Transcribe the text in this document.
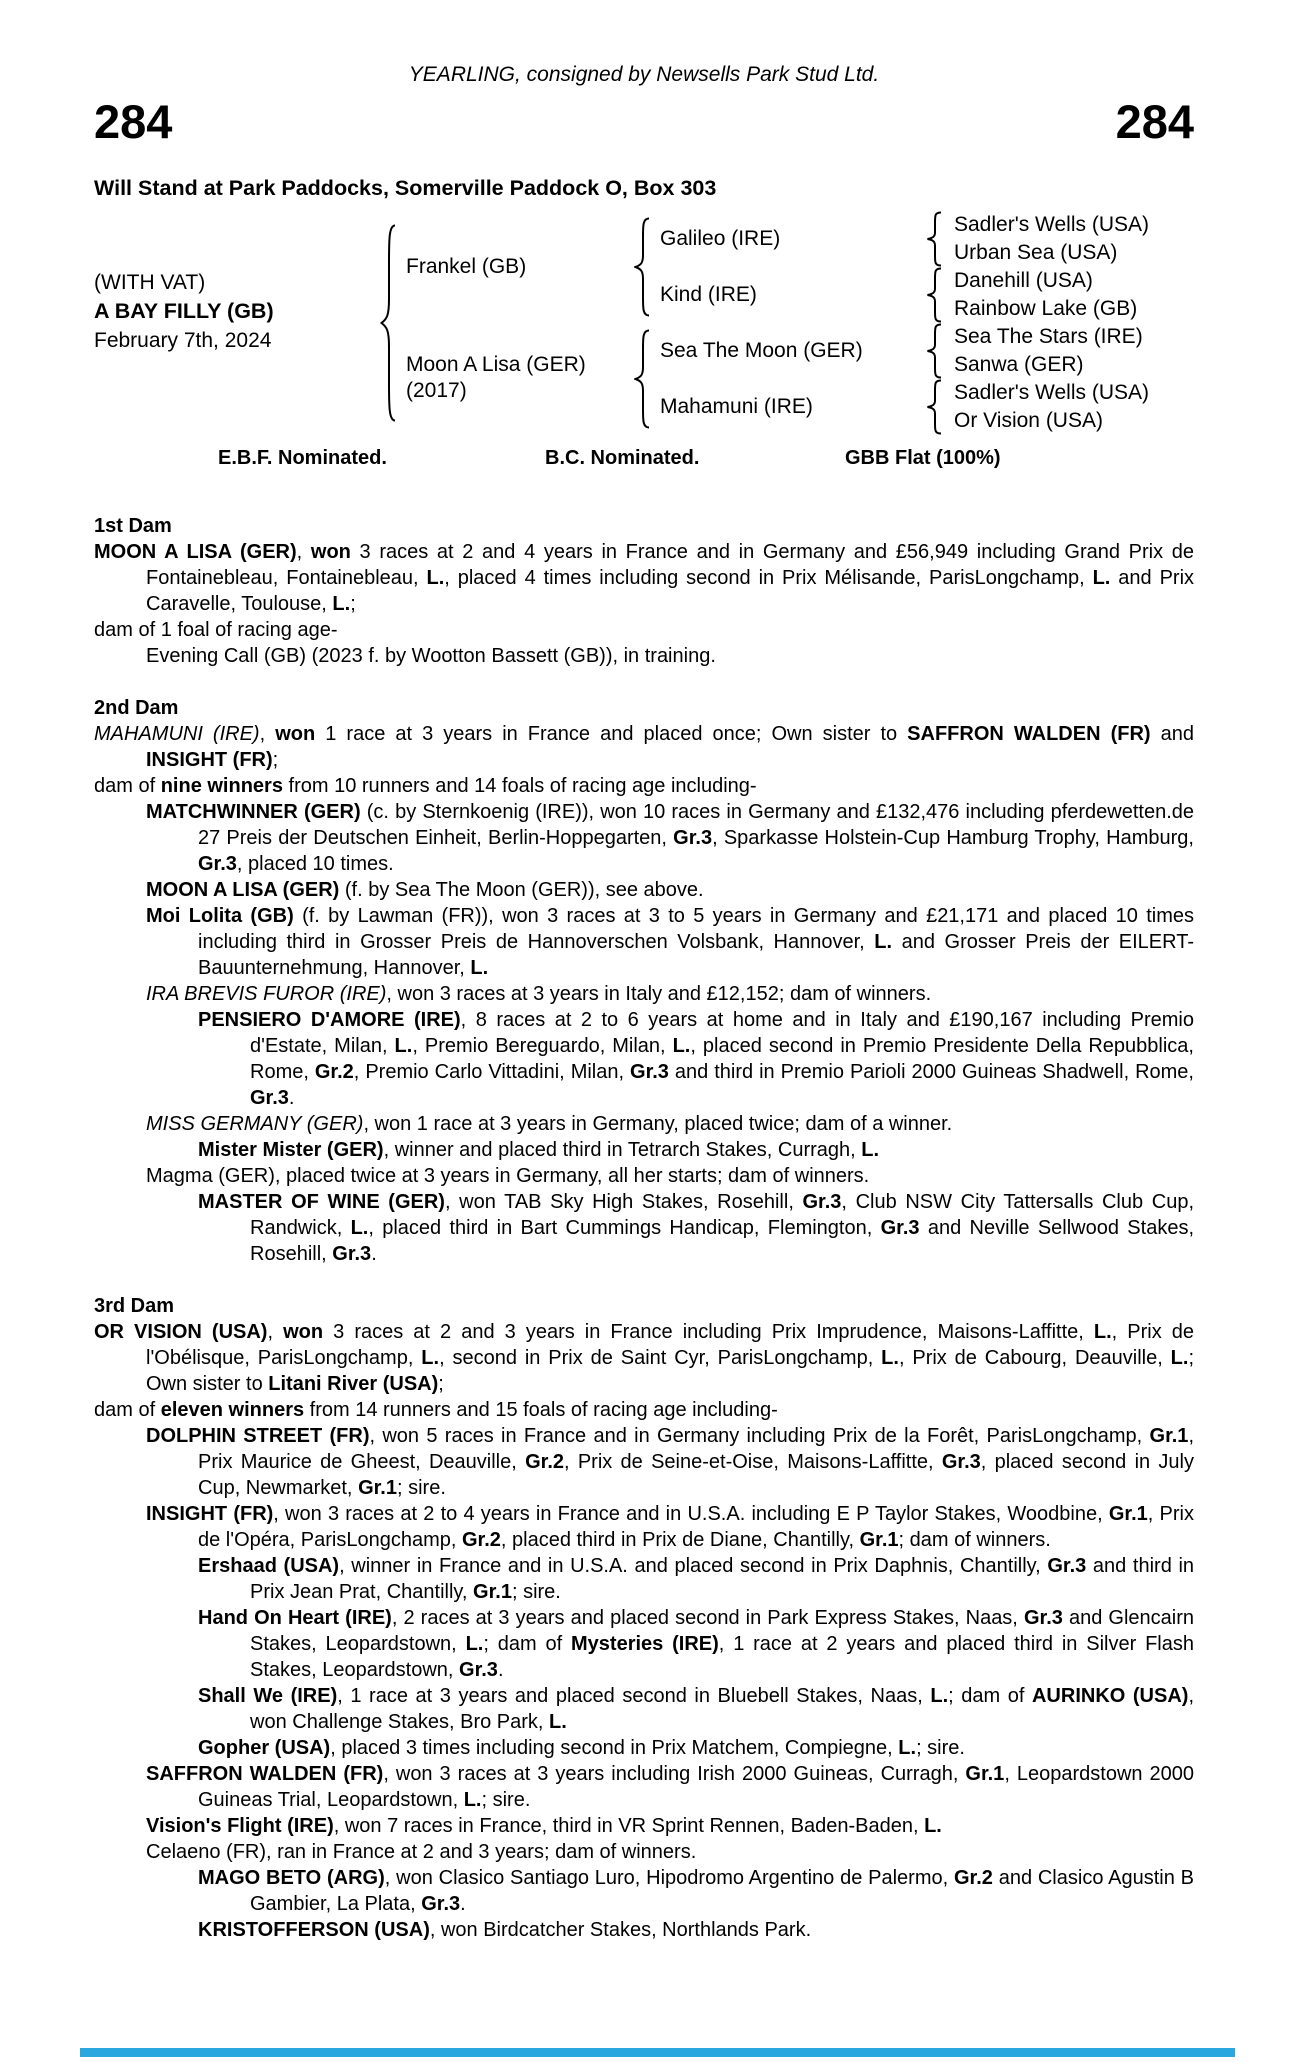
YEARLING, consigned by Newsells Park Stud Ltd.
284	284
Will Stand at Park Paddocks, Somerville Paddock O, Box 303
(WITH VAT)
A BAY FILLY (GB)
February 7th, 2024
Frankel (GB)
Moon A Lisa (GER)
(2017)
Galileo (IRE)
Kind (IRE)
Sea The Moon (GER)
Mahamuni (IRE)
Sadler's Wells (USA)
Urban Sea (USA)
Danehill (USA)
Rainbow Lake (GB)
Sea The Stars (IRE)
Sanwa (GER)
Sadler's Wells (USA)
Or Vision (USA)
E.B.F. Nominated.	B.C. Nominated.	GBB Flat (100%)
1st Dam

MOON A LISA (GER), won 3 races at 2 and 4 years in France and in Germany and £56,949 including Grand Prix de Fontainebleau, Fontainebleau, L., placed 4 times including second in Prix Mélisande, ParisLongchamp, L. and Prix Caravelle, Toulouse, L.;

dam of 1 foal of racing age-

Evening Call (GB) (2023 f. by Wootton Bassett (GB)), in training.

2nd Dam

MAHAMUNI (IRE), won 1 race at 3 years in France and placed once; Own sister to SAFFRON WALDEN (FR) and INSIGHT (FR);

dam of nine winners from 10 runners and 14 foals of racing age including-

MATCHWINNER (GER) (c. by Sternkoenig (IRE)), won 10 races in Germany and £132,476 including pferdewetten.de 27 Preis der Deutschen Einheit, Berlin-Hoppegarten, Gr.3, Sparkasse Holstein-Cup Hamburg Trophy, Hamburg, Gr.3, placed 10 times.

MOON A LISA (GER) (f. by Sea The Moon (GER)), see above.

Moi Lolita (GB) (f. by Lawman (FR)), won 3 races at 3 to 5 years in Germany and £21,171 and placed 10 times including third in Grosser Preis de Hannoverschen Volsbank, Hannover, L. and Grosser Preis der EILERT-Bauunternehmung, Hannover, L.

IRA BREVIS FUROR (IRE), won 3 races at 3 years in Italy and £12,152; dam of winners.

PENSIERO D'AMORE (IRE), 8 races at 2 to 6 years at home and in Italy and £190,167 including Premio d'Estate, Milan, L., Premio Bereguardo, Milan, L., placed second in Premio Presidente Della Repubblica, Rome, Gr.2, Premio Carlo Vittadini, Milan, Gr.3 and third in Premio Parioli 2000 Guineas Shadwell, Rome, Gr.3.

MISS GERMANY (GER), won 1 race at 3 years in Germany, placed twice; dam of a winner.

Mister Mister (GER), winner and placed third in Tetrarch Stakes, Curragh, L.

Magma (GER), placed twice at 3 years in Germany, all her starts; dam of winners.

MASTER OF WINE (GER), won TAB Sky High Stakes, Rosehill, Gr.3, Club NSW City Tattersalls Club Cup, Randwick, L., placed third in Bart Cummings Handicap, Flemington, Gr.3 and Neville Sellwood Stakes, Rosehill, Gr.3.

3rd Dam

OR VISION (USA), won 3 races at 2 and 3 years in France including Prix Imprudence, Maisons-Laffitte, L., Prix de l'Obélisque, ParisLongchamp, L., second in Prix de Saint Cyr, ParisLongchamp, L., Prix de Cabourg, Deauville, L.; Own sister to Litani River (USA);

dam of eleven winners from 14 runners and 15 foals of racing age including-

DOLPHIN STREET (FR), won 5 races in France and in Germany including Prix de la Forêt, ParisLongchamp, Gr.1, Prix Maurice de Gheest, Deauville, Gr.2, Prix de Seine-et-Oise, Maisons-Laffitte, Gr.3, placed second in July Cup, Newmarket, Gr.1; sire.

INSIGHT (FR), won 3 races at 2 to 4 years in France and in U.S.A. including E P Taylor Stakes, Woodbine, Gr.1, Prix de l'Opéra, ParisLongchamp, Gr.2, placed third in Prix de Diane, Chantilly, Gr.1; dam of winners.

Ershaad (USA), winner in France and in U.S.A. and placed second in Prix Daphnis, Chantilly, Gr.3 and third in Prix Jean Prat, Chantilly, Gr.1; sire.

Hand On Heart (IRE), 2 races at 3 years and placed second in Park Express Stakes, Naas, Gr.3 and Glencairn Stakes, Leopardstown, L.; dam of Mysteries (IRE), 1 race at 2 years and placed third in Silver Flash Stakes, Leopardstown, Gr.3.

Shall We (IRE), 1 race at 3 years and placed second in Bluebell Stakes, Naas, L.; dam of AURINKO (USA), won Challenge Stakes, Bro Park, L.

Gopher (USA), placed 3 times including second in Prix Matchem, Compiegne, L.; sire.

SAFFRON WALDEN (FR), won 3 races at 3 years including Irish 2000 Guineas, Curragh, Gr.1, Leopardstown 2000 Guineas Trial, Leopardstown, L.; sire.

Vision's Flight (IRE), won 7 races in France, third in VR Sprint Rennen, Baden-Baden, L.

Celaeno (FR), ran in France at 2 and 3 years; dam of winners.

MAGO BETO (ARG), won Clasico Santiago Luro, Hipodromo Argentino de Palermo, Gr.2 and Clasico Agustin B Gambier, La Plata, Gr.3.

KRISTOFFERSON (USA), won Birdcatcher Stakes, Northlands Park.
